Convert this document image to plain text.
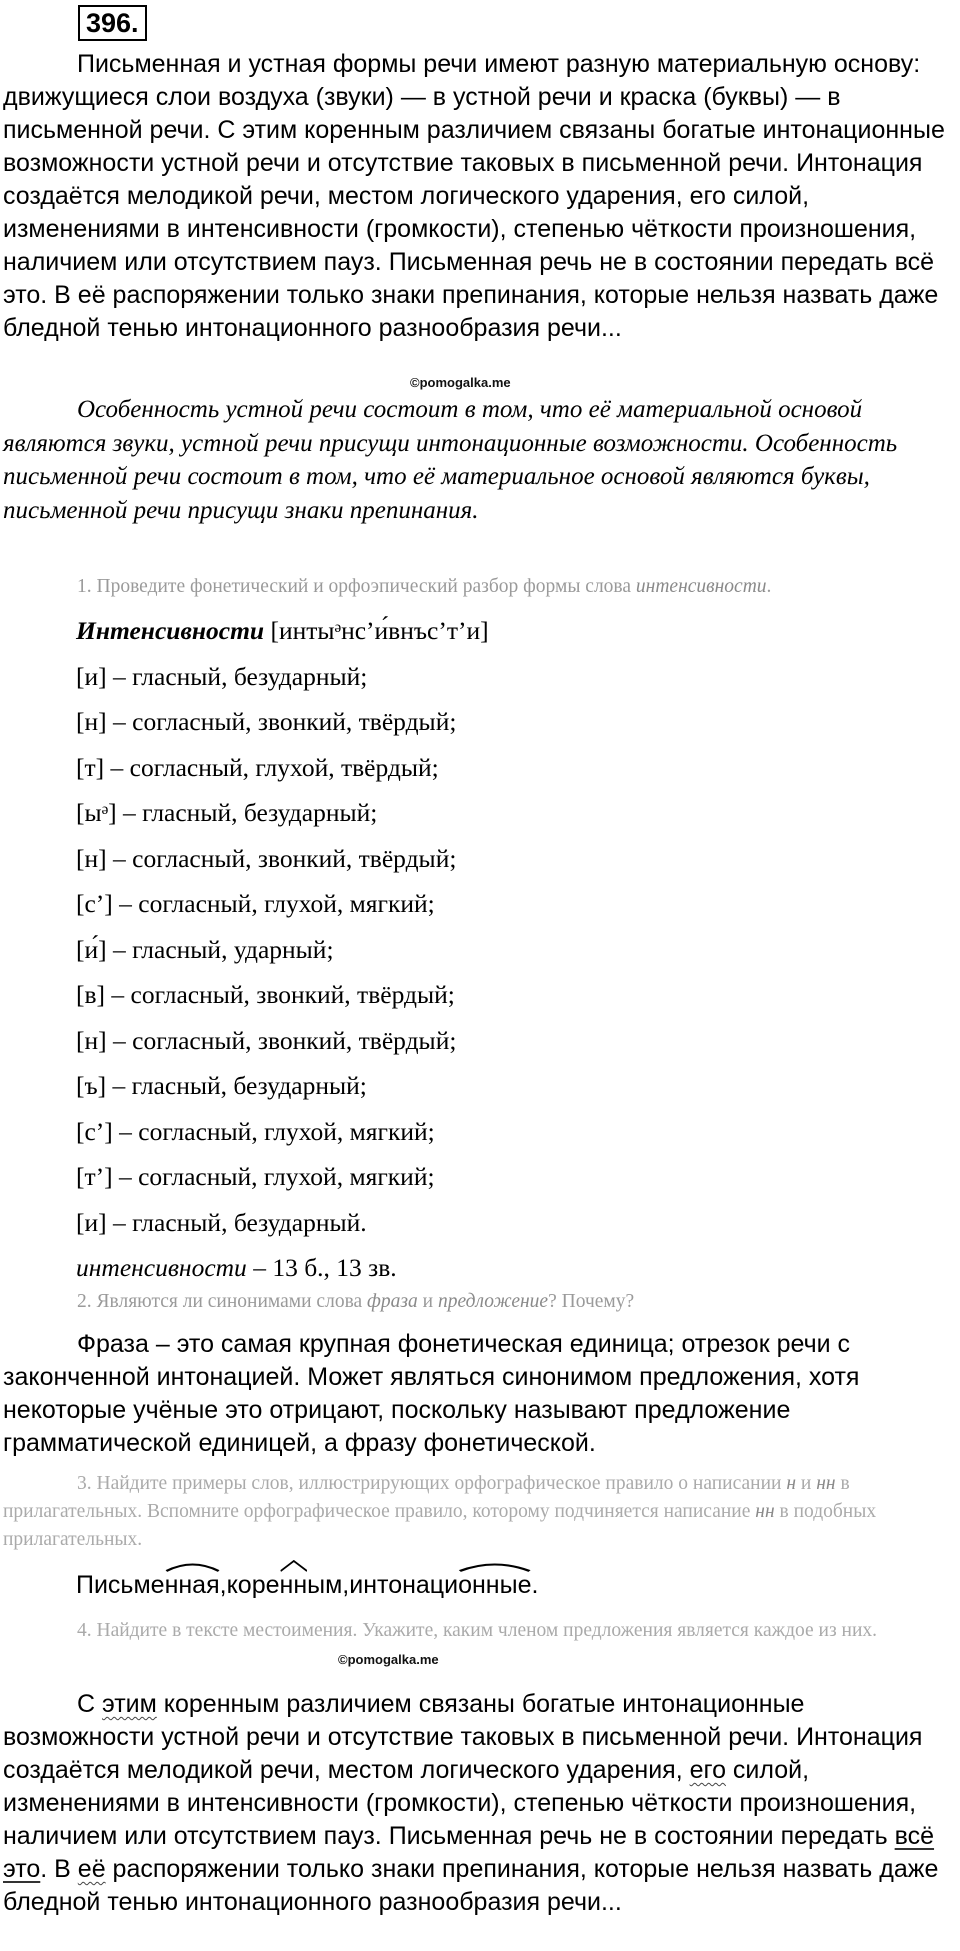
396.

Письменная и устная формы речи имеют разную материальную основу: движущиеся слои воздуха (звуки) — в устной речи и краска (буквы) — в письменной речи. С этим коренным различием связаны богатые интонационные возможности устной речи и отсутствие таковых в письменной речи. Интонация создаётся мелодикой речи, местом логического ударения, его силой, изменениями в интенсивности (громкости), степенью чёткости произношения, наличием или отсутствием пауз. Письменная речь не в состоянии передать всё это. В её распоряжении только знаки препинания, которые нельзя назвать даже бледной тенью интонационного разнообразия речи...

©pomogalka.me

Особенность устной речи состоит в том, что её материальной основой являются звуки, устной речи присущи интонационные возможности. Особенность письменной речи состоит в том, что её материальное основой являются буквы, письменной речи присущи знаки препинания.

1. Проведите фонетический и орфоэпический разбор формы слова интенсивности.

Интенсивности [интыᵊнс’и́внъс’т’и]
[и] – гласный, безударный;
[н] – согласный, звонкий, твёрдый;
[т] – согласный, глухой, твёрдый;
[ыᵊ] – гласный, безударный;
[н] – согласный, звонкий, твёрдый;
[с’] – согласный, глухой, мягкий;
[и́] – гласный, ударный;
[в] – согласный, звонкий, твёрдый;
[н] – согласный, звонкий, твёрдый;
[ъ] – гласный, безударный;
[с’] – согласный, глухой, мягкий;
[т’] – согласный, глухой, мягкий;
[и] – гласный, безударный.
интенсивности – 13 б., 13 зв.

2. Являются ли синонимами слова фраза и предложение? Почему?

Фраза – это самая крупная фонетическая единица; отрезок речи с законченной интонацией. Может являться синонимом предложения, хотя некоторые учёные это отрицают, поскольку называют предложение грамматической единицей, а фразу фонетической.

3. Найдите примеры слов, иллюстрирующих орфографическое правило о написании н и нн в прилагательных. Вспомните орфографическое правило, которому подчиняется написание нн в подобных прилагательных.

Письме
нная,коре
нным,интонаци
онные.

4. Найдите в тексте местоимения. Укажите, каким членом предложения является каждое из них.

©pomogalka.me

С этим коренным различием связаны богатые интонационные возможности устной речи и отсутствие таковых в письменной речи. Интонация создаётся мелодикой речи, местом логического ударения, его силой, изменениями в интенсивности (громкости), степенью чёткости произношения, наличием или отсутствием пауз. Письменная речь не в состоянии передать всё это. В её распоряжении только знаки препинания, которые нельзя назвать даже бледной тенью интонационного разнообразия речи...
